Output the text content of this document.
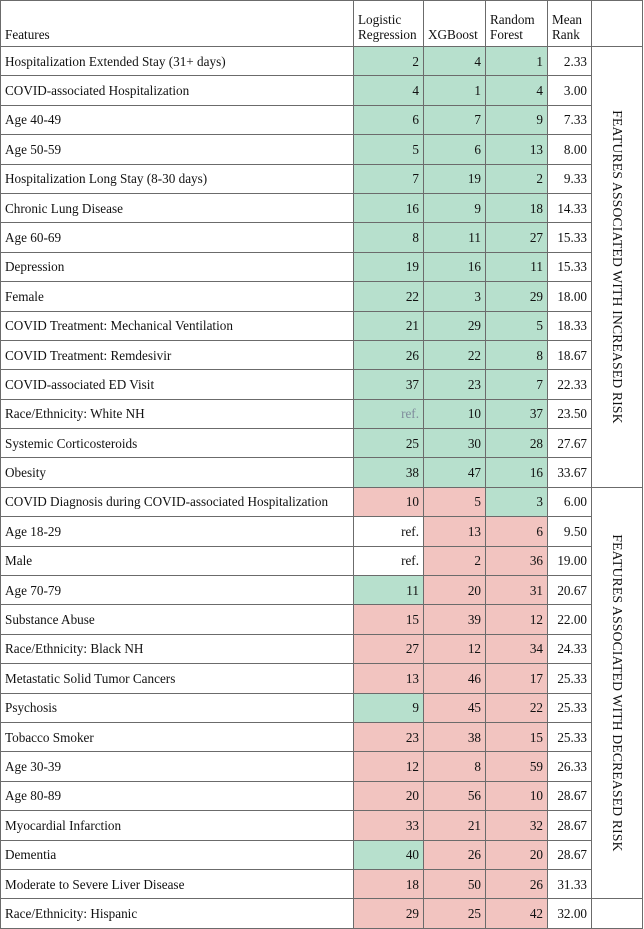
Features	Logistic Regression	XGBoost	Random Forest	Mean Rank	
Hospitalization Extended Stay (31+ days)	2	4	1	2.33	FEATURES ASSOCIATED WITH INCREASED RISK

COVID-associated Hospitalization	4	1	4	3.00	
Age 40-49	6	7	9	7.33	
Age 50-59	5	6	13	8.00	
Hospitalization Long Stay (8-30 days)	7	19	2	9.33	
Chronic Lung Disease	16	9	18	14.33	
Age 60-69	8	11	27	15.33	
Depression	19	16	11	15.33	
Female	22	3	29	18.00	
COVID Treatment: Mechanical Ventilation	21	29	5	18.33	
COVID Treatment: Remdesivir	26	22	8	18.67	
COVID-associated ED Visit	37	23	7	22.33	
Race/Ethnicity: White NH	ref.	10	37	23.50	
Systemic Corticosteroids	25	30	28	27.67	
Obesity	38	47	16	33.67	
COVID Diagnosis during COVID-associated Hospitalization	10	5	3	6.00	FEATURES ASSOCIATED WITH DECREASED RISK

Age 18-29	ref.	13	6	9.50	
Male	ref.	2	36	19.00	
Age 70-79	11	20	31	20.67	
Substance Abuse	15	39	12	22.00	
Race/Ethnicity: Black NH	27	12	34	24.33	
Metastatic Solid Tumor Cancers	13	46	17	25.33	
Psychosis	9	45	22	25.33	
Tobacco Smoker	23	38	15	25.33	
Age 30-39	12	8	59	26.33	
Age 80-89	20	56	10	28.67	
Myocardial Infarction	33	21	32	28.67	
Dementia	40	26	20	28.67	
Moderate to Severe Liver Disease	18	50	26	31.33	
Race/Ethnicity: Hispanic	29	25	42	32.00	
